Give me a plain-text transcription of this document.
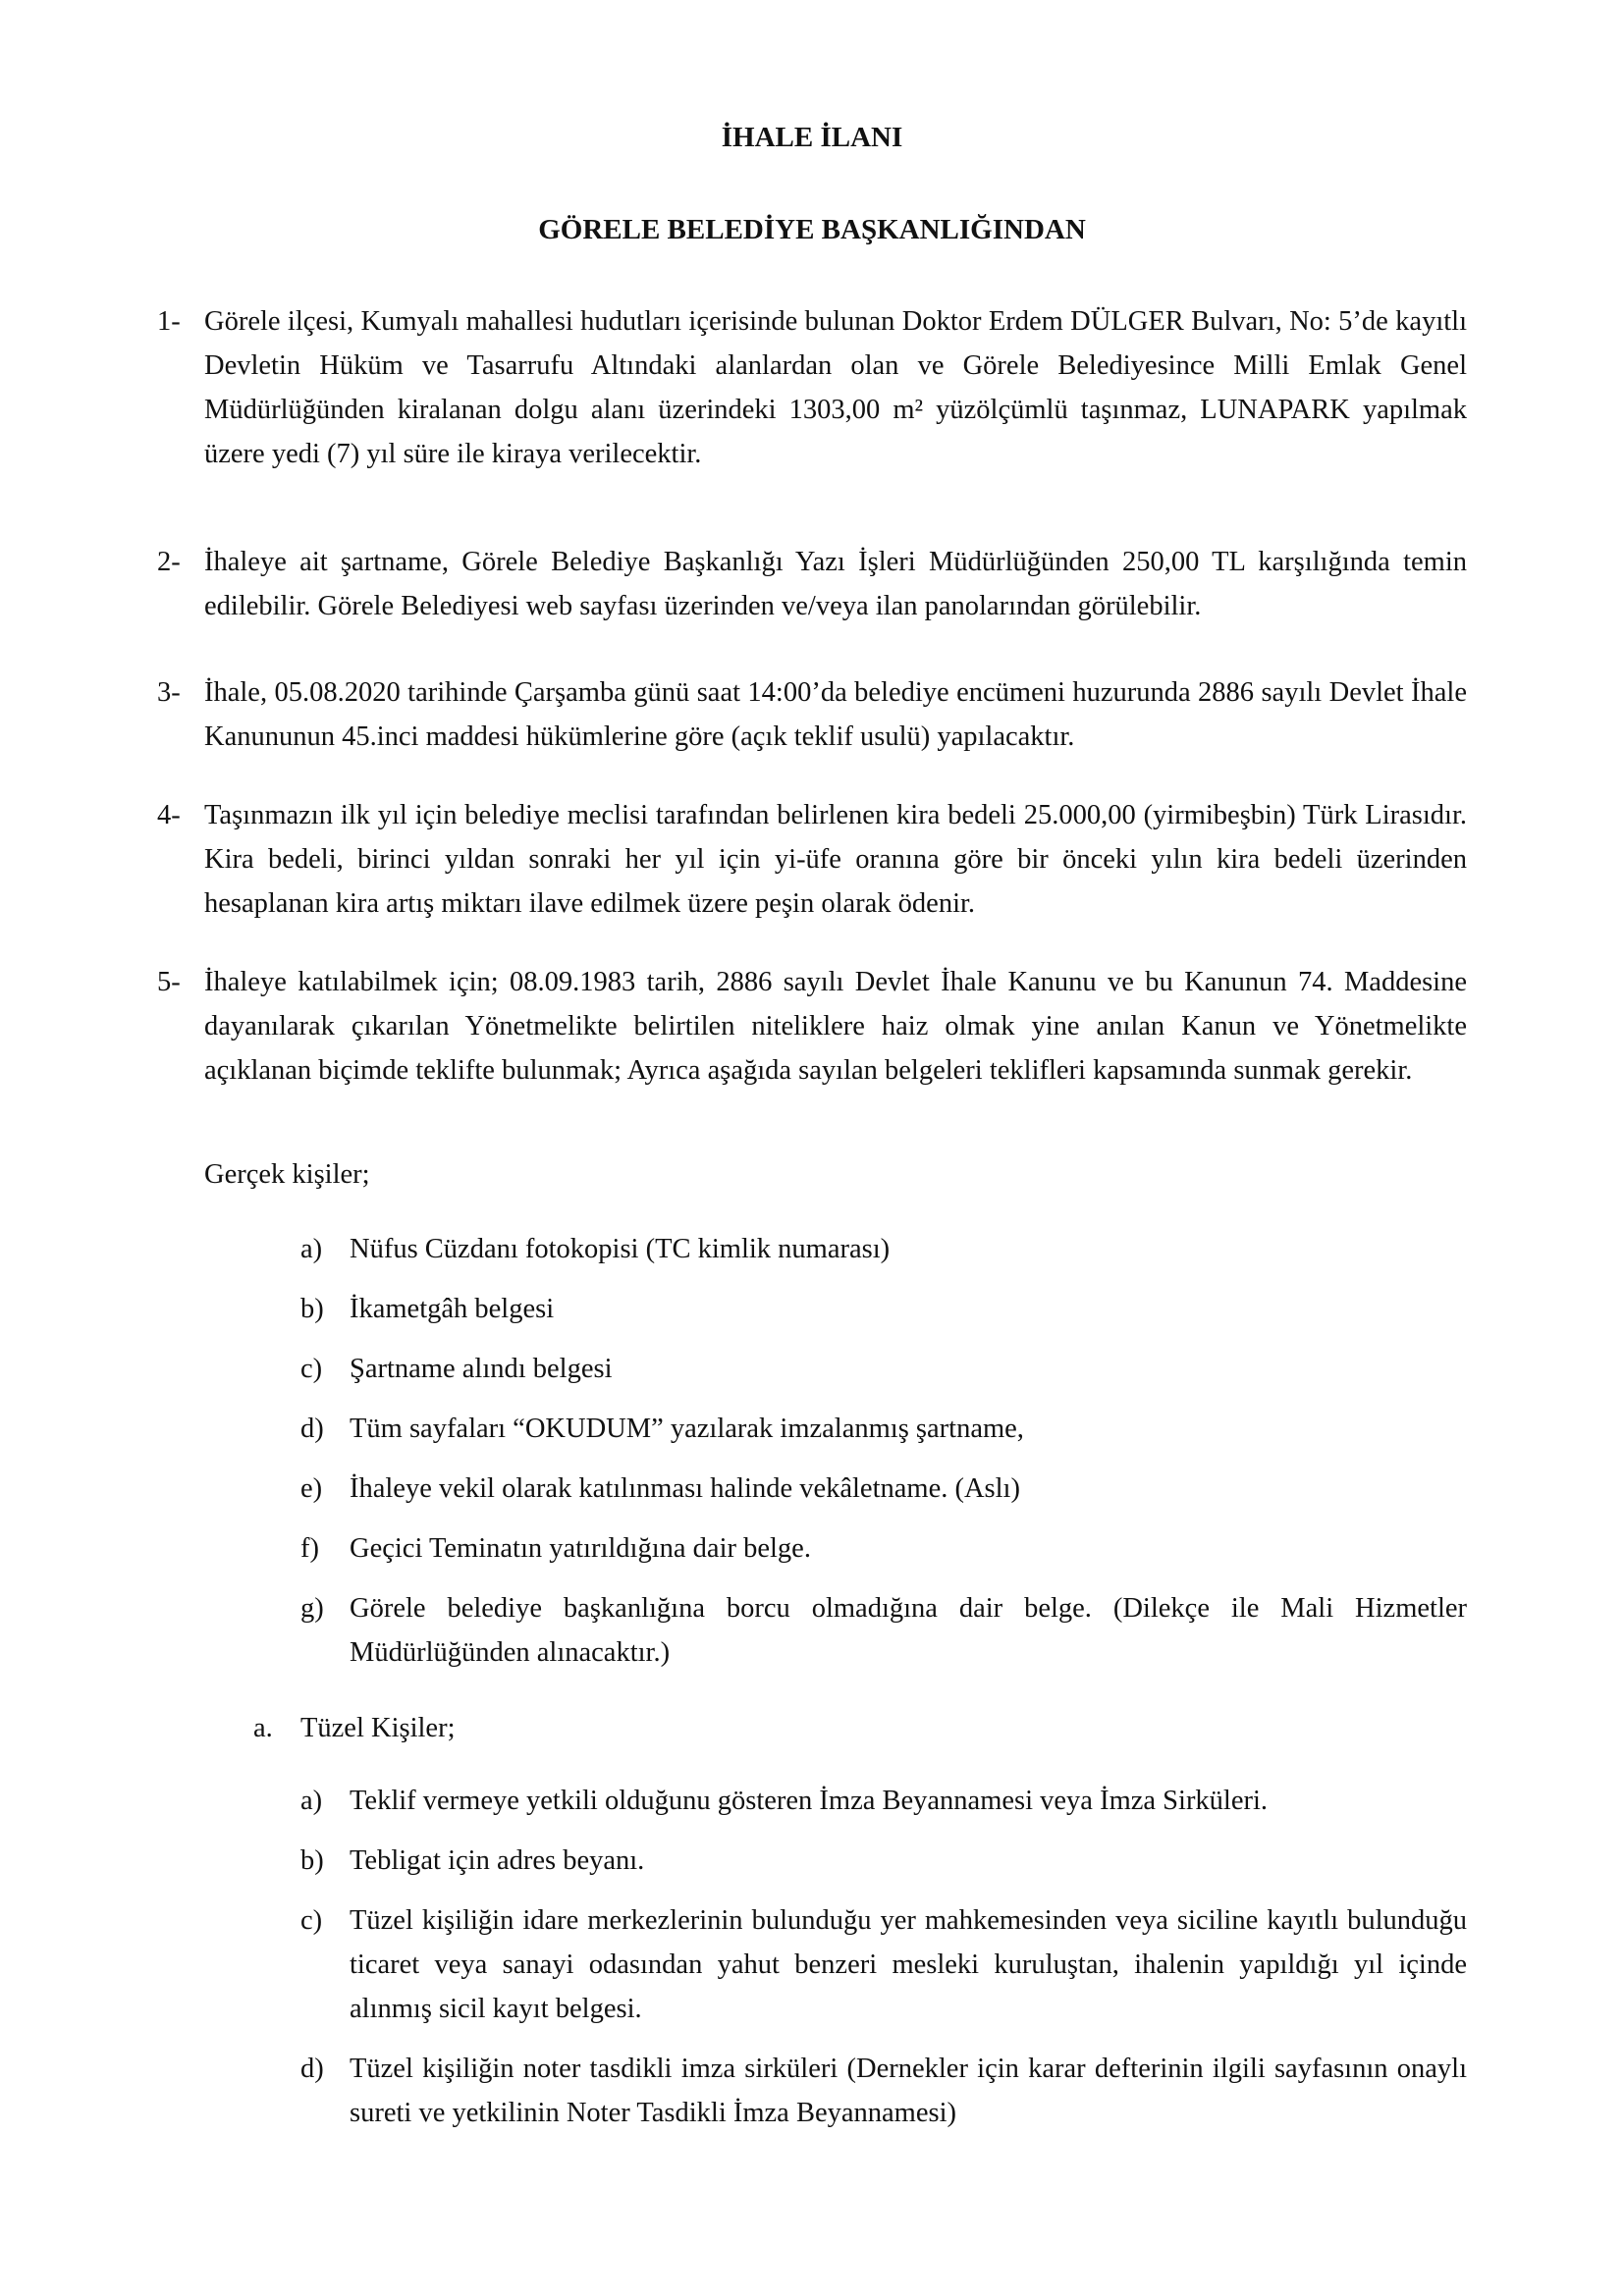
İHALE İLANI
GÖRELE BELEDİYE BAŞKANLIĞINDAN
1- Görele ilçesi, Kumyalı mahallesi hudutları içerisinde bulunan Doktor Erdem DÜLGER Bulvarı, No: 5’de kayıtlı Devletin Hüküm ve Tasarrufu Altındaki alanlardan olan ve Görele Belediyesince Milli Emlak Genel Müdürlüğünden kiralanan dolgu alanı üzerindeki 1303,00 m² yüzölçümlü taşınmaz, LUNAPARK yapılmak üzere yedi (7) yıl süre ile kiraya verilecektir.
2- İhaleye ait şartname, Görele Belediye Başkanlığı Yazı İşleri Müdürlüğünden 250,00 TL karşılığında temin edilebilir. Görele Belediyesi web sayfası üzerinden ve/veya ilan panolarından görülebilir.
3- İhale, 05.08.2020 tarihinde Çarşamba günü saat 14:00’da belediye encümeni huzurunda 2886 sayılı Devlet İhale Kanununun 45.inci maddesi hükümlerine göre (açık teklif usulü) yapılacaktır.
4- Taşınmazın ilk yıl için belediye meclisi tarafından belirlenen kira bedeli 25.000,00 (yirmibeşbin) Türk Lirasıdır. Kira bedeli, birinci yıldan sonraki her yıl için yi-üfe oranına göre bir önceki yılın kira bedeli üzerinden hesaplanan kira artış miktarı ilave edilmek üzere peşin olarak ödenir.
5- İhaleye katılabilmek için; 08.09.1983 tarih, 2886 sayılı Devlet İhale Kanunu ve bu Kanunun 74. Maddesine dayanılarak çıkarılan Yönetmelikte belirtilen niteliklere haiz olmak yine anılan Kanun ve Yönetmelikte açıklanan biçimde teklifte bulunmak; Ayrıca aşağıda sayılan belgeleri teklifleri kapsamında sunmak gerekir.

Gerçek kişiler;

a) Nüfus Cüzdanı fotokopisi (TC kimlik numarası)
b) İkametgâh belgesi
c) Şartname alındı belgesi
d) Tüm sayfaları “OKUDUM” yazılarak imzalanmış şartname,
e) İhaleye vekil olarak katılınması halinde vekâletname. (Aslı)
f)	Geçici Teminatın yatırıldığına dair belge.
g) Görele belediye başkanlığına borcu olmadığına dair belge. (Dilekçe ile Mali Hizmetler Müdürlüğünden alınacaktır.)

a. Tüzel Kişiler;

a) Teklif vermeye yetkili olduğunu gösteren İmza Beyannamesi veya İmza Sirküleri.
b) Tebligat için adres beyanı.
c) Tüzel kişiliğin idare merkezlerinin bulunduğu yer mahkemesinden veya siciline kayıtlı bulunduğu ticaret veya sanayi odasından yahut benzeri mesleki kuruluştan, ihalenin yapıldığı yıl içinde alınmış sicil kayıt belgesi.
d) Tüzel kişiliğin noter tasdikli imza sirküleri (Dernekler için karar defterinin ilgili sayfasının onaylı sureti ve yetkilinin Noter Tasdikli İmza Beyannamesi)
